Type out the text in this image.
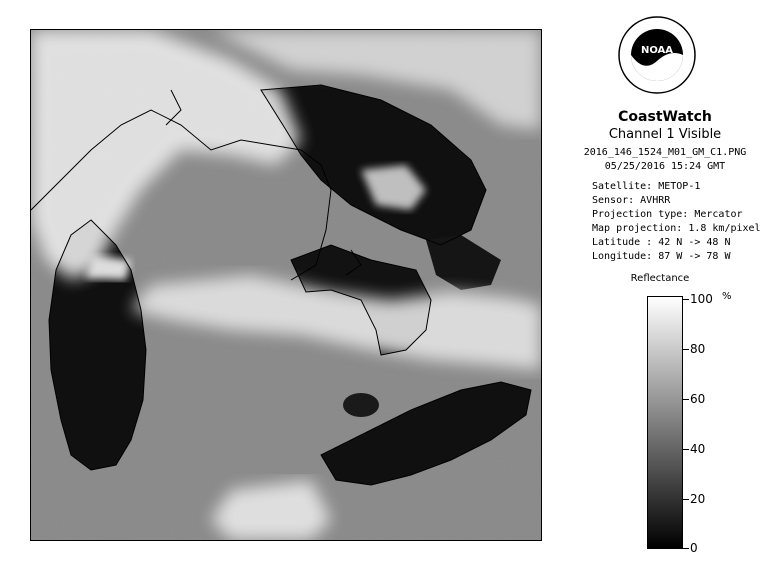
NOAA
CoastWatch
Channel 1 Visible
2016_146_1524_M01_GM_C1.PNG
05/25/2016 15:24 GMT
Satellite: METOP-1
Sensor: AVHRR
Projection type: Mercator
Map projection: 1.8 km/pixel
Latitude : 42 N -> 48 N
Longitude: 87 W -> 78 W
Reflectance
%
100
80
60
40
20
0
